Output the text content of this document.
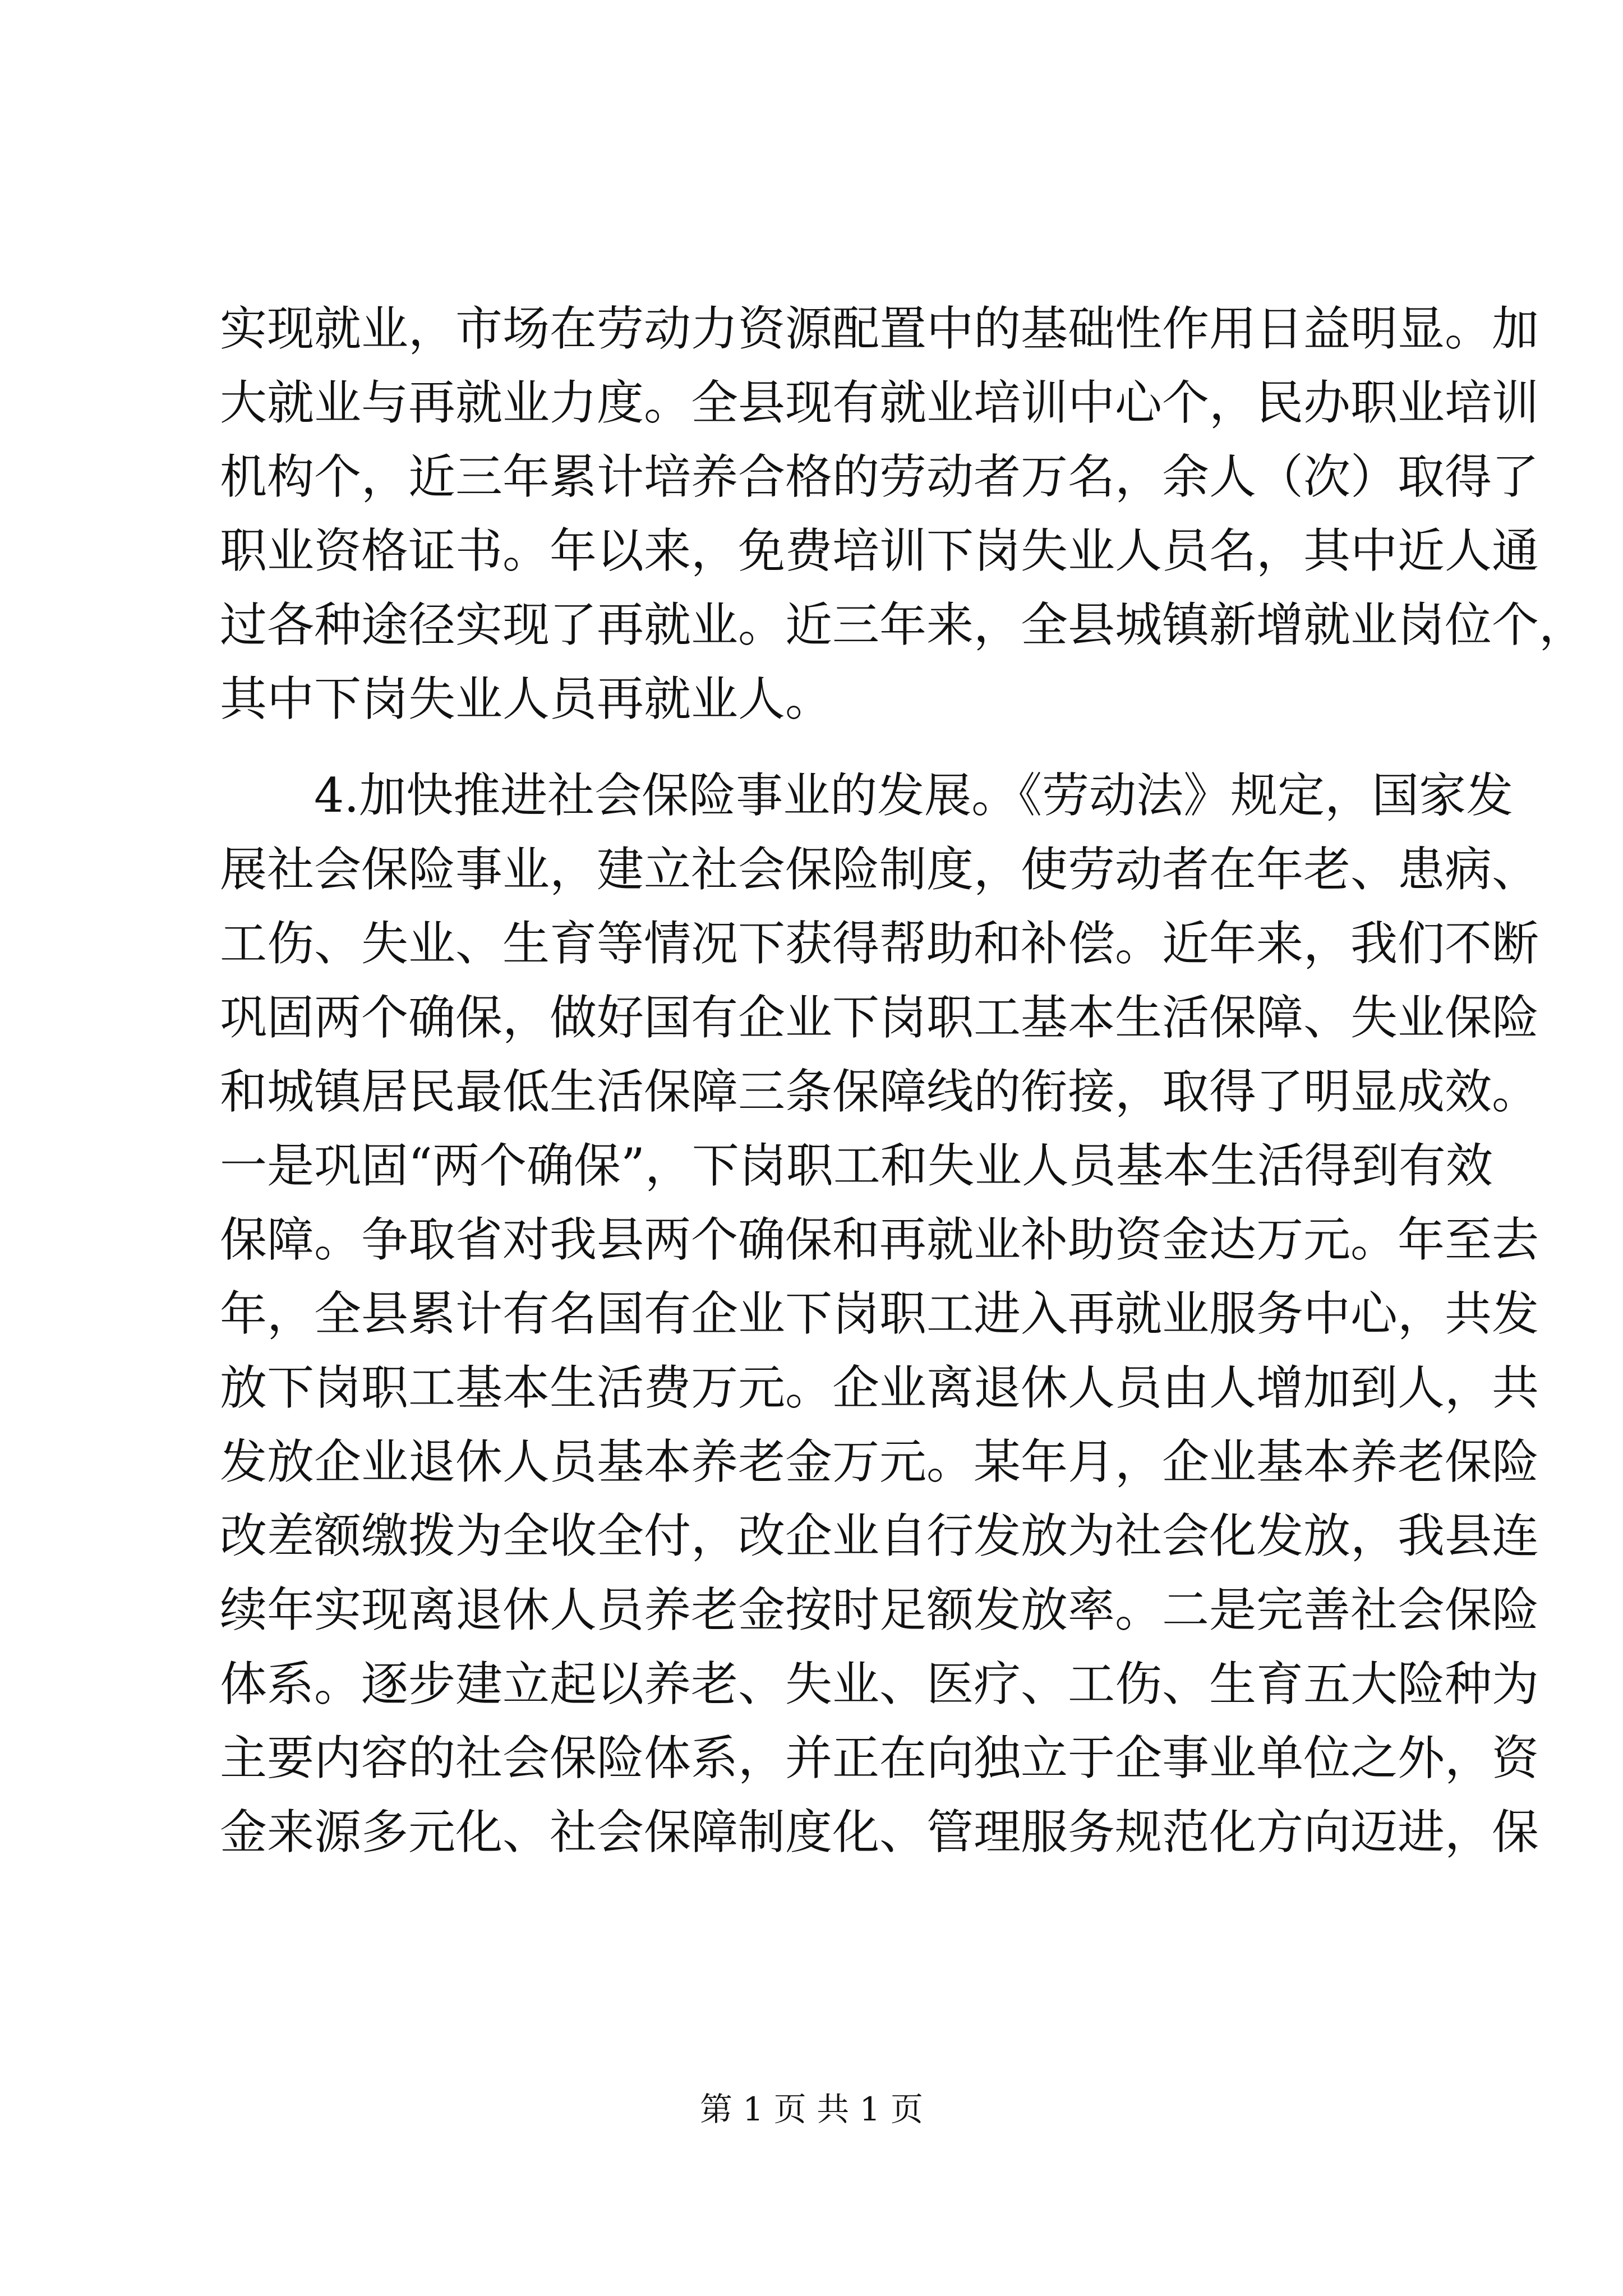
实现就业，市场在劳动力资源配置中的基础性作用日益明显。加
大就业与再就业力度。全县现有就业培训中心个，民办职业培训
机构个，近三年累计培养合格的劳动者万名，余人（次）取得了
职业资格证书。年以来，免费培训下岗失业人员名，其中近人通
过各种途径实现了再就业。近三年来，全县城镇新增就业岗位个，
其中下岗失业人员再就业人。
　　4.加快推进社会保险事业的发展。《劳动法》规定，国家发
展社会保险事业，建立社会保险制度，使劳动者在年老、患病、
工伤、失业、生育等情况下获得帮助和补偿。近年来，我们不断
巩固两个确保，做好国有企业下岗职工基本生活保障、失业保险
和城镇居民最低生活保障三条保障线的衔接，取得了明显成效。
一是巩固“两个确保”，下岗职工和失业人员基本生活得到有效
保障。争取省对我县两个确保和再就业补助资金达万元。年至去
年，全县累计有名国有企业下岗职工进入再就业服务中心，共发
放下岗职工基本生活费万元。企业离退休人员由人增加到人，共
发放企业退休人员基本养老金万元。某年月，企业基本养老保险
改差额缴拨为全收全付，改企业自行发放为社会化发放，我县连
续年实现离退休人员养老金按时足额发放率。二是完善社会保险
体系。逐步建立起以养老、失业、医疗、工伤、生育五大险种为
主要内容的社会保险体系，并正在向独立于企事业单位之外，资
金来源多元化、社会保障制度化、管理服务规范化方向迈进，保
第 1 页 共 1 页
